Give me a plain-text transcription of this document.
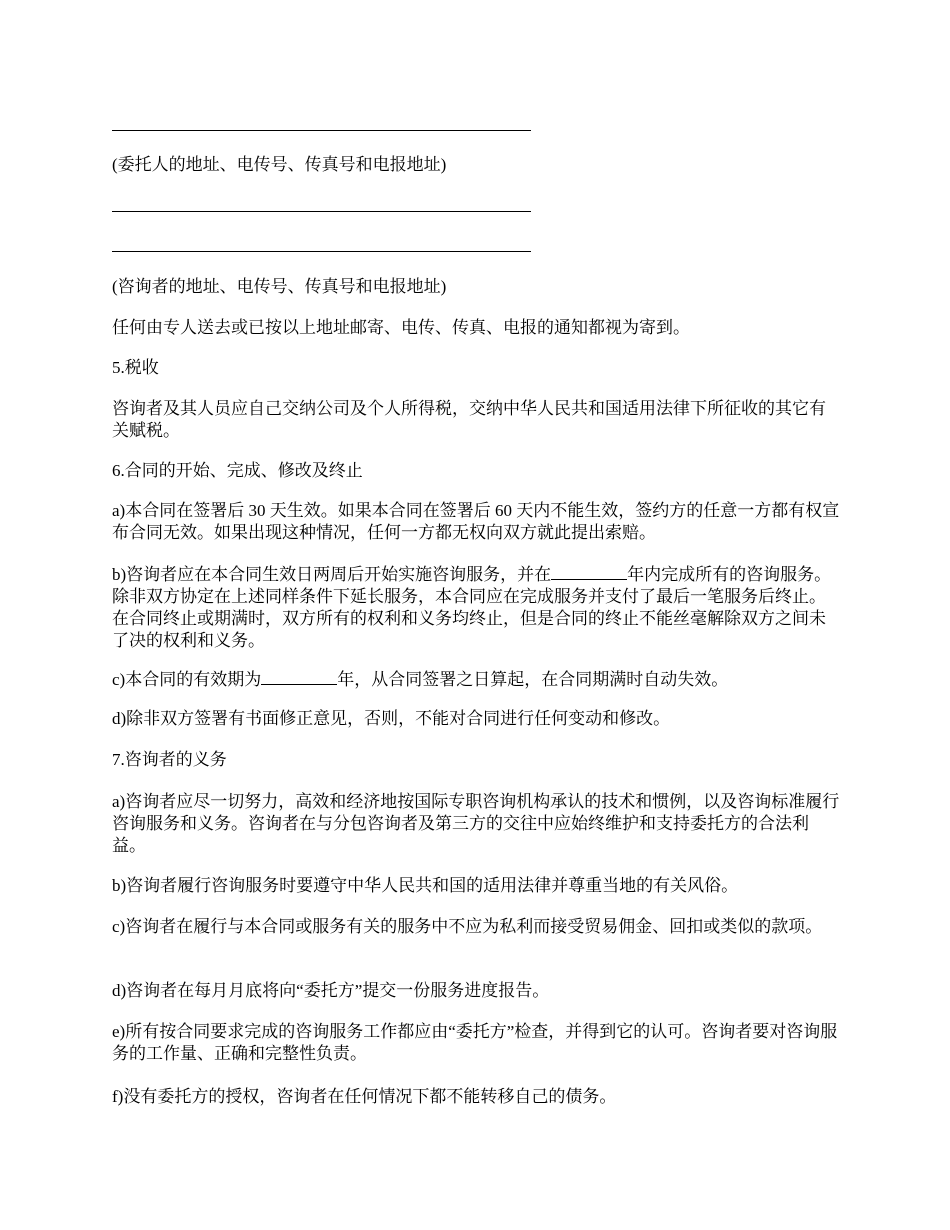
(委托人的地址、电传号、传真号和电报地址)

(咨询者的地址、电传号、传真号和电报地址)

任何由专人送去或已按以上地址邮寄、电传、传真、电报的通知都视为寄到。

5.税收

咨询者及其人员应自己交纳公司及个人所得税，交纳中华人民共和国适用法律下所征收的其它有关赋税。

6.合同的开始、完成、修改及终止

a)本合同在签署后 30 天生效。如果本合同在签署后 60 天内不能生效，签约方的任意一方都有权宣布合同无效。如果出现这种情况，任何一方都无权向双方就此提出索赔。

b)咨询者应在本合同生效日两周后开始实施咨询服务，并在	年内完成所有的咨询服务。除非双方协定在上述同样条件下延长服务，本合同应在完成服务并支付了最后一笔服务后终止。在合同终止或期满时，双方所有的权利和义务均终止，但是合同的终止不能丝毫解除双方之间未了决的权利和义务。

c)本合同的有效期为	年，从合同签署之日算起，在合同期满时自动失效。

d)除非双方签署有书面修正意见，否则，不能对合同进行任何变动和修改。

7.咨询者的义务

a)咨询者应尽一切努力，高效和经济地按国际专职咨询机构承认的技术和惯例，以及咨询标准履行咨询服务和义务。咨询者在与分包咨询者及第三方的交往中应始终维护和支持委托方的合法利益。

b)咨询者履行咨询服务时要遵守中华人民共和国的适用法律并尊重当地的有关风俗。

c)咨询者在履行与本合同或服务有关的服务中不应为私利而接受贸易佣金、回扣或类似的款项。

d)咨询者在每月月底将向“委托方”提交一份服务进度报告。

e)所有按合同要求完成的咨询服务工作都应由“委托方”检查，并得到它的认可。咨询者要对咨询服务的工作量、正确和完整性负责。

f)没有委托方的授权，咨询者在任何情况下都不能转移自己的债务。
